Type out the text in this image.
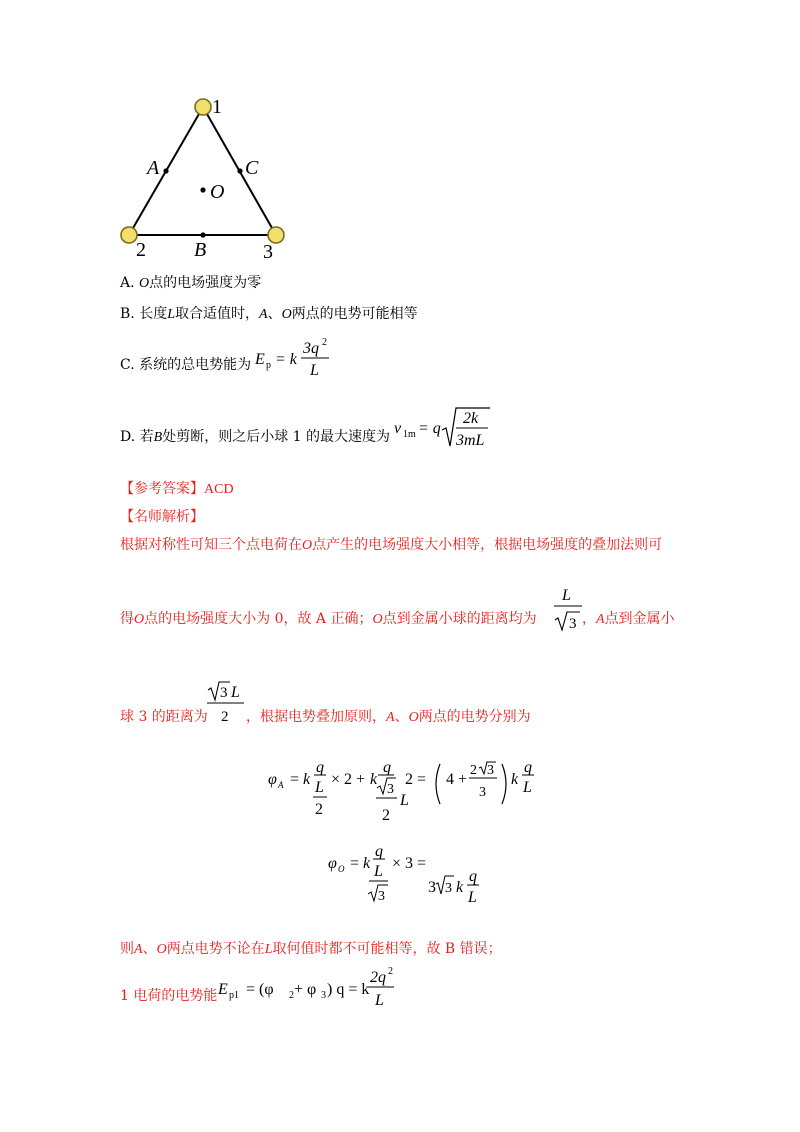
1
A	C
O
2 B	3
A. O点的电场强度为零
B. 长度L取合适值时，A、O两点的电势可能相等
C. 系统的总电势能为 E p = k
3q 2
L
D. 若B处剪断，则之后小球 1 的最大速度为 v 1m = q
2k
3mL
【参考答案】ACD
【名师解析】
根据对称性可知三个点电荷在O点产生的电场强度大小相等，根据电场强度的叠加法则可
得O点的电场强度大小为 0，故 A 正确；O点到金属小球的距离均为
L
3 ，A点到金属小
球 3 的距离为
3 L
2 ，根据电势叠加原则，A、O两点的电势分别为
φ A = k
q
L
2
× 2 + k
q
3
L
2
2 = 4 +
2 3
3
k
q
L
φ O = k
q
L
3
× 3 =
3 3 k
q
L
则A、O两点电势不论在L取何值时都不可能相等，故 B 错误；
1 电荷的电势能 E p1 = (φ 2 + φ 3 ) q = k
2q 2
L
